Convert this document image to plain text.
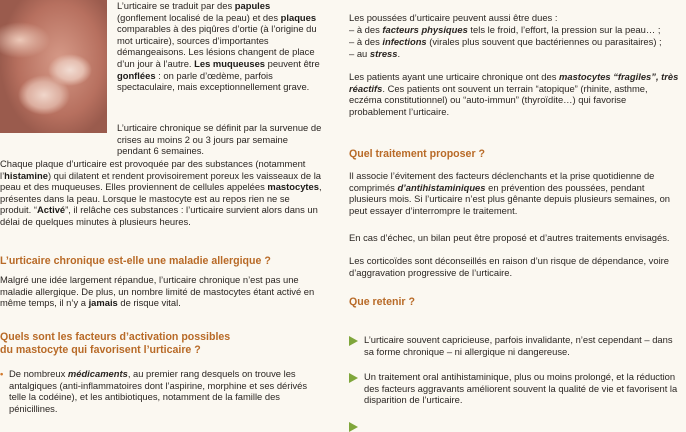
L’urticaire se traduit par des papules (gonflement localisé de la peau) et des plaques comparables à des piqûres d’ortie (à l’origine du mot urticaire), sources d’importantes démangeaisons. Les lésions changent de place d’un jour à l’autre. Les muqueuses peuvent être gonflées : on parle d’œdème, parfois spectaculaire, mais exceptionnellement grave.

L’urticaire chronique se définit par la survenue de crises au moins 2 ou 3 jours par semaine pendant 6 semaines.

Chaque plaque d’urticaire est provoquée par des substances (notamment l’histamine) qui dilatent et rendent provisoirement poreux les vaisseaux de la peau et des muqueuses. Elles proviennent de cellules appelées mastocytes, présentes dans la peau. Lorsque le mastocyte est au repos rien ne se produit. “Activé”, il relâche ces substances : l’urticaire survient alors dans un délai de quelques minutes à plusieurs heures.

L’urticaire chronique est-elle une maladie allergique ?

Malgré une idée largement répandue, l’urticaire chronique n’est pas une maladie allergique. De plus, un nombre limité de mastocytes étant activé en même temps, il n’y a jamais de risque vital.

Quels sont les facteurs d’activation possibles
du mastocyte qui favorisent l’urticaire ?

• De nombreux médicaments, au premier rang desquels on trouve les antalgiques (anti-inflammatoires dont l’aspirine, morphine et ses dérivés telle la codéine), et les antibiotiques, notamment de la famille des pénicillines.

Les poussées d’urticaire peuvent aussi être dues :

– à des facteurs physiques tels le froid, l’effort, la pression sur la peau… ;

– à des infections (virales plus souvent que bactériennes ou parasitaires) ;

– au stress.

Les patients ayant une urticaire chronique ont des mastocytes “fragiles”, très réactifs. Ces patients ont souvent un terrain “atopique” (rhinite, asthme, eczéma constitutionnel) ou “auto-immun” (thyroïdite…) qui favorise probablement l’urticaire.

Quel traitement proposer ?

Il associe l’évitement des facteurs déclenchants et la prise quotidienne de comprimés d’antihistaminiques en prévention des poussées, pendant plusieurs mois. Si l’urticaire n’est plus gênante depuis plusieurs semaines, on peut essayer d’interrompre le traitement.

En cas d’échec, un bilan peut être proposé et d’autres traitements envisagés.

Les corticoïdes sont déconseillés en raison d’un risque de dépendance, voire d’aggravation progressive de l’urticaire.

Que retenir ?

L’urticaire souvent capricieuse, parfois invalidante, n’est cependant – dans sa forme chronique – ni allergique ni dangereuse.

Un traitement oral antihistaminique, plus ou moins prolongé, et la réduction des facteurs aggravants améliorent souvent la qualité de vie et favorisent la disparition de l’urticaire.
